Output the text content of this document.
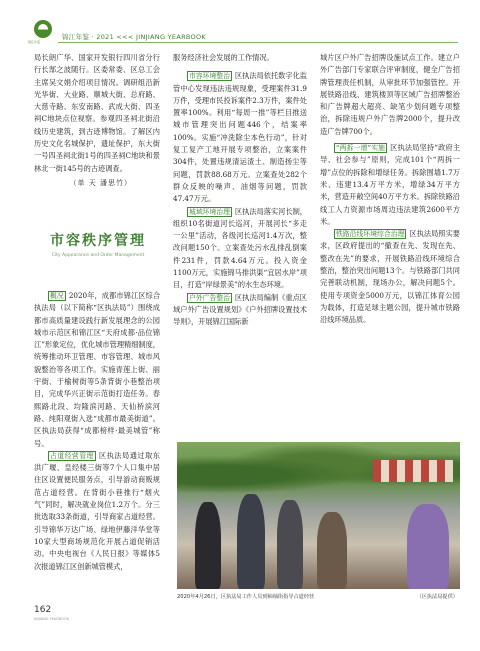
锦江年鉴
锦江年鉴 · 2021 <<< JINJIANG YEARBOOK

局长朗广华、国家开发银行四川省分行行长郜之波随行。区委常委、区总工会主席吴文娟介绍项目情况。调研组沿新光华街、大业路、顺城大街、总府路、大慈寺路、东安南路、武成大街、四圣祠C地块点位视察。参观四圣祠北街沿线历史建筑，到古迹博物馆。了解区内历史文化名城保护，遗址保护，东大街一号四圣祠北街1号的四圣祠C地块和景林北一街145号的古迹调查。

（单 天 潘思竹）
市容秩序管理
City Appearance and Order Management

概况 2020年，成都市锦江区综合执法局（以下简称“区执法局”）围绕成都市高质量建设践行新发展理念的公园城市示范区和锦江区“天府成都·品位锦江”形象定位，优化城市管理精细制度，统筹推动环卫管理、市容管理、城市风貌整治等各项工作。实施青莲上街、丽宇街、于榆树街等5条背街小巷整治项目，完成华兴正街示范街打造任务。春熙路北段、均隆滨河路、天仙桥滨河路、纯阳观街入选“成都市最美街道”。区执法局获得“成都榜样·最美城管”称号。

占道经营管理 区执法局通过取东洪广堰、皇经楼三街等7个人口集中居住区设置便民服务点，引导游动商贩规范占道经营。在背街小巷推行“烟火气”同时，解决就业岗位1.2万个。分三批选取33条街道，引导商家占道经营。引导锦华万达广场、绿地伊藤洋华堂等10家大型商场规范化开展占道促销活动。中央电视台《人民日报》等媒体5次报道锦江区创新城管模式，

服务经济社会发展的工作情况。

市容环境整治 区执法局依托数字化监管中心发现违法违规现象，受理案件31.9万件，受理市民投诉案件2.3万件，案件处置率100%。利用“每周一推”等栏目推送城市管理突出问题446个，结案率100%。实施“冲洗除尘本色行动”，针对复工复产工地开展专项整治，立案案件304件，处置违规清运渣土、制造扬尘等问题，罚款88.68万元。立案查处282个群众反映的噪声、油烟等问题，罚款47.47万元。

城域环境治理 区执法局落实河长制，组织10名街道河长巡河，开展河长“多走一公里”活动，各级河长巡河1.4万次，整改问题150个。立案查处污水乱排乱倒案件231件，罚款4.64万元。投入资金1100万元，实施锦马排洪渠“宜居水岸”项目，打造“岸绿景美”的水生态环境。

户外广告整治 区执法局编制《重点区域户外广告设置规划》《户外招牌设置技术导则》，开展锦江国际新

城片区户外广告招牌设施试点工作。建立户外广告部门专家联合评审制度，健全广告招牌管理责任机制，从审批环节加强管控。开展铁路沿线、建筑楼顶等区域广告招牌整治和广告牌超大超亮、缺笔少划问题专项整治，拆除违规户外广告牌2000个，提升改造广告牌700个。

“两拆一增”实施 区执法局坚持“政府主导、社会参与”原则，完成101个“两拆一增”点位的拆除和增绿任务。拆除围墙1.7万米、违建13.4万平方米，增绿34万平方米，营造开敞空间40万平方米。拆除铁路沿线工人力资源市场周边违法建筑2600平方米。

铁路沿线环境综合治理 区执法局照实要求，区政府提出的“撤查在先、发现在先、整改在先”的要求，开展铁路沿线环境综合整治，整治突出问题13个。与铁路部门共同完善联动机制，现场办公，解决问题5个。使用专项资金5000万元，以锦江体育公园为载体，打造足球主题公园，提升城市铁路沿线环境品质。

2020年4月26日，区执法局工作人员到柚柚街指导占道经营	（区执法局提供）
162
JINJIANG YEARBOOK
